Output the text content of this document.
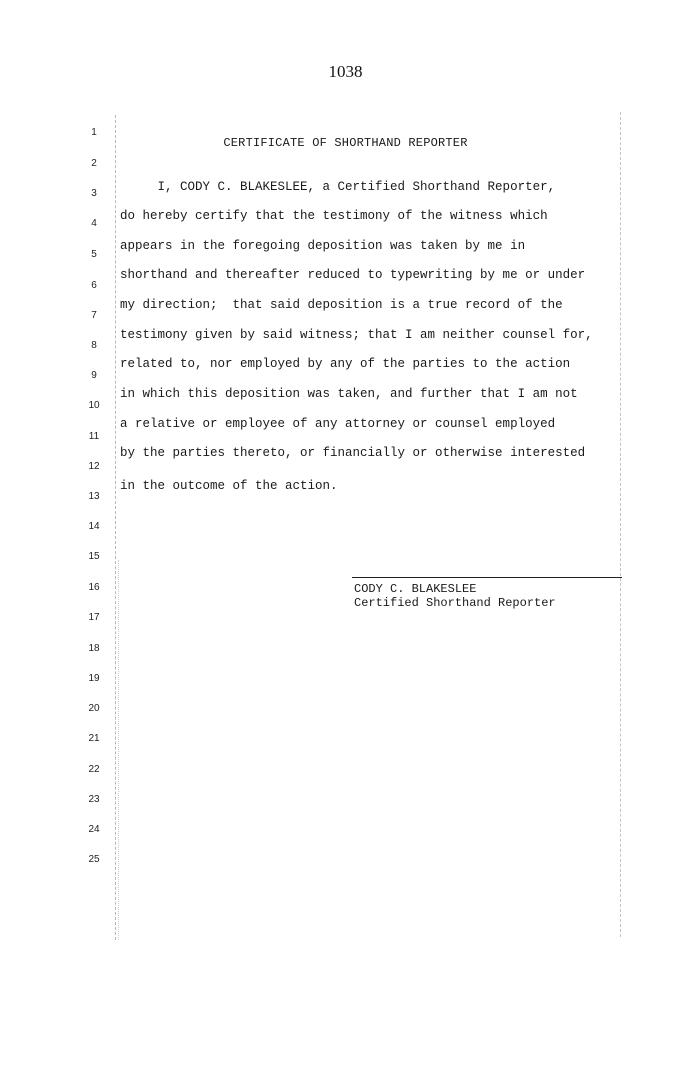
1038
1
2
3
4
5
6
7
8
9
10
11
12
13
14
15
16
17
18
19
20
21
22
23
24
25
CERTIFICATE OF SHORTHAND REPORTER
I, CODY C. BLAKESLEE, a Certified Shorthand Reporter,
do hereby certify that the testimony of the witness which
appears in the foregoing deposition was taken by me in
shorthand and thereafter reduced to typewriting by me or under
my direction;  that said deposition is a true record of the
testimony given by said witness; that I am neither counsel for,
related to, nor employed by any of the parties to the action
in which this deposition was taken, and further that I am not
a relative or employee of any attorney or counsel employed
by the parties thereto, or financially or otherwise interested
in the outcome of the action.
CODY C. BLAKESLEE
Certified Shorthand Reporter
